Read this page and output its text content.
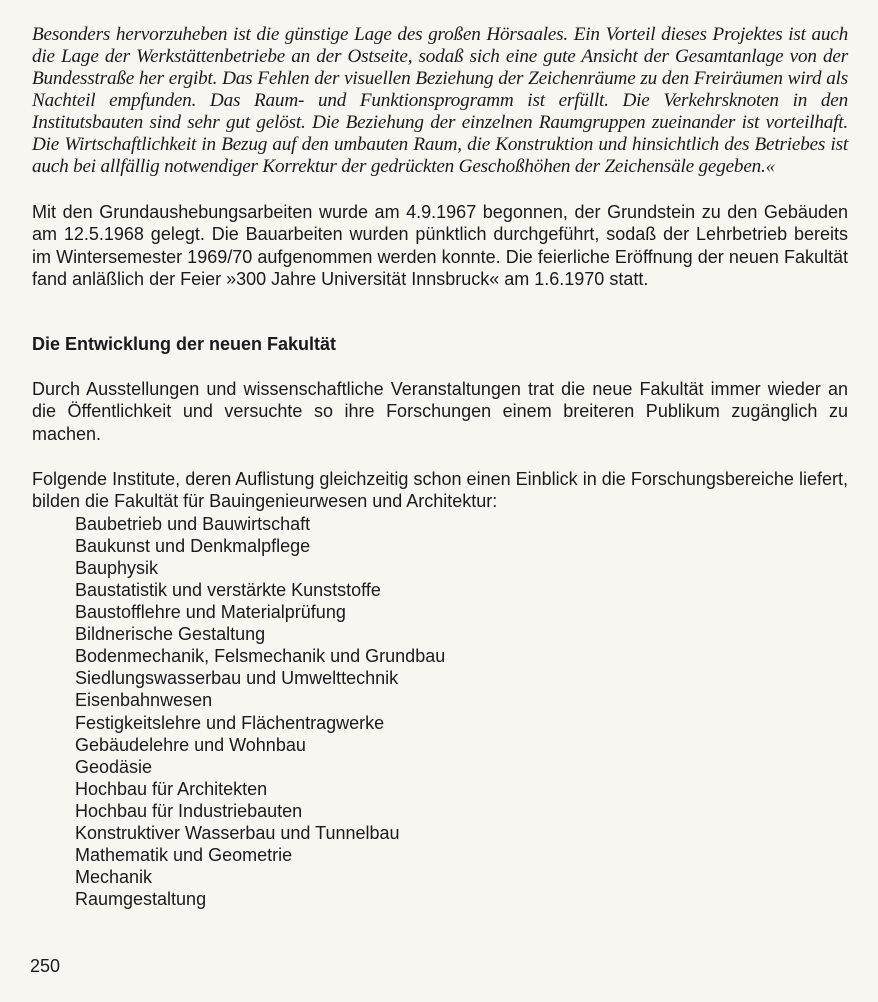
Besonders hervorzuheben ist die günstige Lage des großen Hörsaales. Ein Vorteil dieses Projektes ist auch die Lage der Werkstättenbetriebe an der Ostseite, sodaß sich eine gute Ansicht der Gesamtanlage von der Bundesstraße her ergibt. Das Fehlen der visuellen Beziehung der Zeichenräume zu den Freiräumen wird als Nachteil empfunden. Das Raum- und Funktionsprogramm ist erfüllt. Die Verkehrsknoten in den Institutsbauten sind sehr gut gelöst. Die Beziehung der einzelnen Raumgruppen zueinander ist vorteilhaft. Die Wirtschaftlichkeit in Bezug auf den umbauten Raum, die Konstruktion und hinsichtlich des Betriebes ist auch bei allfällig notwendiger Korrektur der gedrückten Geschoßhöhen der Zeichensäle gegeben.«

Mit den Grundaushebungsarbeiten wurde am 4.9.1967 begonnen, der Grundstein zu den Gebäuden am 12.5.1968 gelegt. Die Bauarbeiten wurden pünktlich durchgeführt, sodaß der Lehrbetrieb bereits im Wintersemester 1969/70 aufgenommen werden konnte. Die feierliche Eröffnung der neuen Fakultät fand anläßlich der Feier »300 Jahre Universität Innsbruck« am 1.6.1970 statt.

Die Entwicklung der neuen Fakultät

Durch Ausstellungen und wissenschaftliche Veranstaltungen trat die neue Fakultät immer wieder an die Öffentlichkeit und versuchte so ihre Forschungen einem breiteren Publikum zugänglich zu machen.

Folgende Institute, deren Auflistung gleichzeitig schon einen Einblick in die Forschungsbereiche liefert, bilden die Fakultät für Bauingenieurwesen und Architektur:

Baubetrieb und Bauwirtschaft
Baukunst und Denkmalpflege
Bauphysik
Baustatistik und verstärkte Kunststoffe
Baustofflehre und Materialprüfung
Bildnerische Gestaltung
Bodenmechanik, Felsmechanik und Grundbau
Siedlungswasserbau und Umwelttechnik
Eisenbahnwesen
Festigkeitslehre und Flächentragwerke
Gebäudelehre und Wohnbau
Geodäsie
Hochbau für Architekten
Hochbau für Industriebauten
Konstruktiver Wasserbau und Tunnelbau
Mathematik und Geometrie
Mechanik
Raumgestaltung
250
